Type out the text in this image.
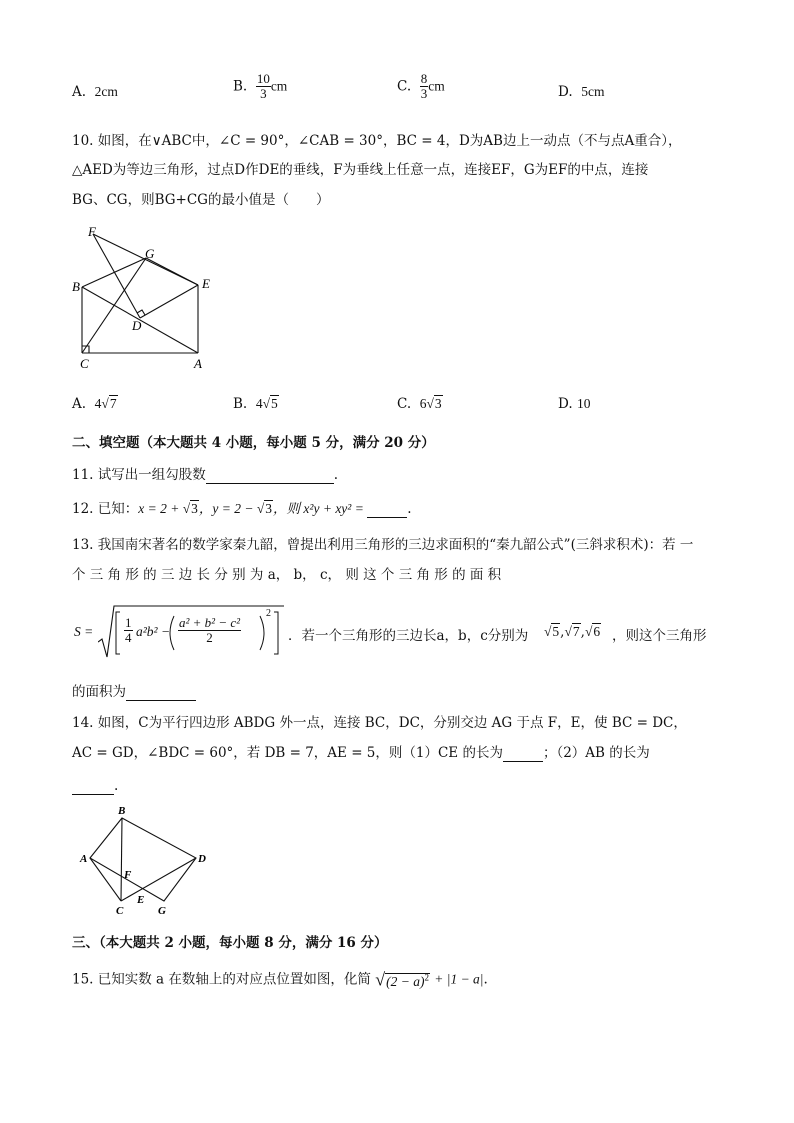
A. 2cm	B. $\frac{10}{3}$ cm	C. $\frac{8}{3}$ cm	D. 5cm
10. 如图，在∨ABC中，∠C = 90°，∠CAB = 30°，BC = 4，D为AB边上一动点（不与点A重合），
△AED为等边三角形，过点D作DE的垂线，F为垂线上任意一点，连接EF，G为EF的中点，连接
BG、CG，则BG+CG的最小值是（　　）
F
G
B	E
D
C	A
A. 4√7	B. 4√5	C. 6√3	D. 10
二、填空题（本大题共 4 小题，每小题 5 分，满分 20 分）
11. 试写出一组勾股数	.
12. 已知：x = 2 + √3，y = 2 − √3，则 x²y + xy² =	.
13. 我国南宋著名的数学家秦九韶，曾提出利用三角形的三边求面积的“秦九韶公式”(三斜求积术)：若 一
个 三 角 形 的 三 边 长 分 别 为 a， b， c， 则 这 个 三 角 形 的 面 积
$S = \frac{1}{4} a^2b^2 - \frac{\text{a² + b² − c²}}{2}$
2
．若一个三角形的三边长a，b，c分别为 √5,√7,√6 ，则这个三角形
的面积为
14. 如图，C为平行四边形 ABDG 外一点，连接 BC，DC，分别交边 AG 于点 F，E，使 BC = DC，
AC = GD，∠BDC = 60°，若 DB = 7，AE = 5，则（1）CE 的长为	；（2）AB 的长为
.
B
A	D
F
C
E
G
三、（本大题共 2 小题，每小题 8 分，满分 16 分）
15. 已知实数 a 在数轴上的对应点位置如图，化简 $√(2 - a)^2 + |1 - a|$.
